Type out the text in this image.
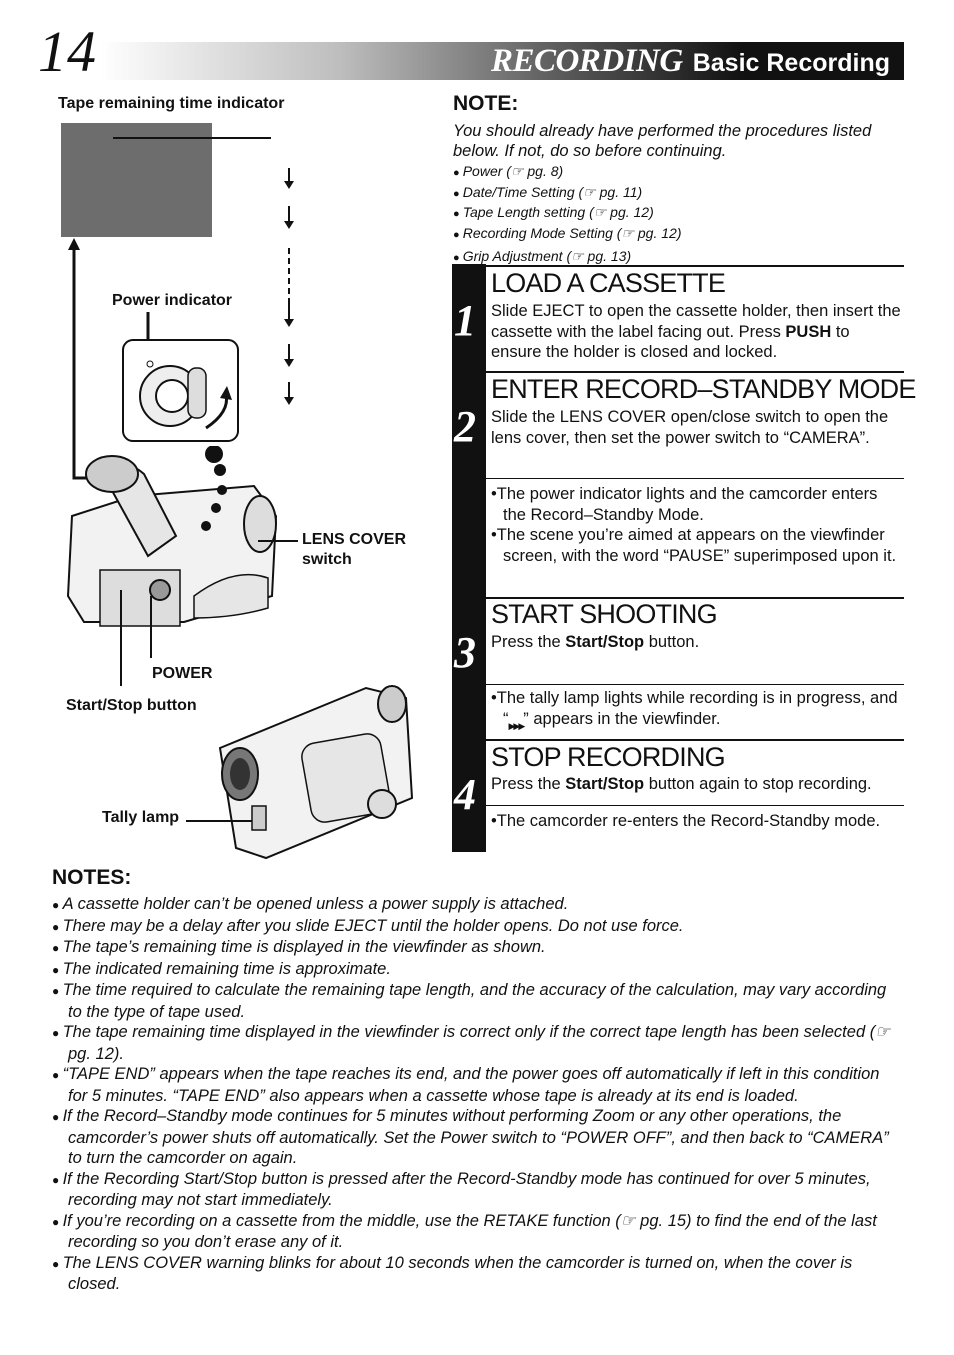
14	RECORDING Basic Recording
Tape remaining time indicator
Power indicator
LENS COVER
switch
POWER
Start/Stop button
Tally lamp
NOTE:
You should already have performed the procedures listed below. If not, do so before continuing.
● Power (☞ pg. 8)
● Date/Time Setting (☞ pg. 11)
● Tape Length setting (☞ pg. 12)
● Recording Mode Setting (☞ pg. 12)
● Grip Adjustment (☞ pg. 13)
1
2
3
4
LOAD A CASSETTE
Slide EJECT to open the cassette holder, then insert the cassette with the label facing out. Press PUSH to ensure the holder is closed and locked.
ENTER RECORD–STANDBY MODE
Slide the LENS COVER open/close switch to open the lens cover, then set the power switch to “CAMERA”.
• The power indicator lights and the camcorder enters the Record–Standby Mode.
• The scene you’re aimed at appears on the viewfinder screen, with the word “PAUSE” superimposed upon it.
START SHOOTING
Press the Start/Stop button.
• The tally lamp lights while recording is in progress, and “$_{▶▶▶}$” appears in the viewfinder.
STOP RECORDING
Press the Start/Stop button again to stop recording.
• The camcorder re-enters the Record-Standby mode.
NOTES:
● A cassette holder can’t be opened unless a power supply is attached.
● There may be a delay after you slide EJECT until the holder opens. Do not use force.
● The tape’s remaining time is displayed in the viewfinder as shown.
● The indicated remaining time is approximate.
● The time required to calculate the remaining tape length, and the accuracy of the calculation, may vary according to the type of tape used.
● The tape remaining time displayed in the viewfinder is correct only if the correct tape length has been selected (☞ pg. 12).
● “TAPE END” appears when the tape reaches its end, and the power goes off automatically if left in this condition for 5 minutes. “TAPE END” also appears when a cassette whose tape is already at its end is loaded.
● If the Record–Standby mode continues for 5 minutes without performing Zoom or any other operations, the camcorder’s power shuts off automatically. Set the Power switch to “POWER OFF”, and then back to “CAMERA” to turn the camcorder on again.
● If the Recording Start/Stop button is pressed after the Record-Standby mode has continued for over 5 minutes, recording may not start immediately.
● If you’re recording on a cassette from the middle, use the RETAKE function (☞ pg. 15) to find the end of the last recording so you don’t erase any of it.
● The LENS COVER warning blinks for about 10 seconds when the camcorder is turned on, when the cover is closed.
